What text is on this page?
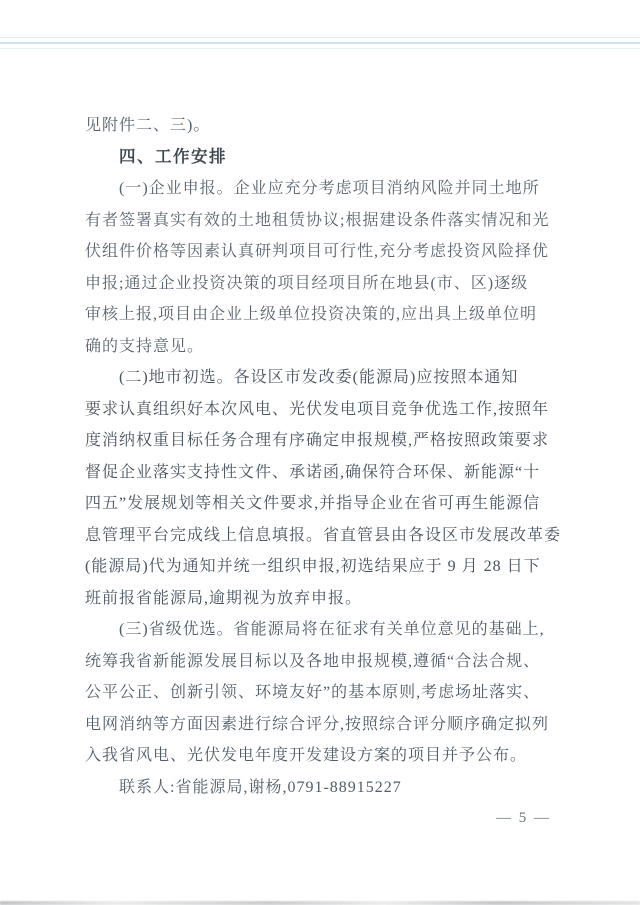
见附件二、三)。
四、工作安排
(一)企业申报。企业应充分考虑项目消纳风险并同土地所
有者签署真实有效的土地租赁协议;根据建设条件落实情况和光
伏组件价格等因素认真研判项目可行性,充分考虑投资风险择优
申报;通过企业投资决策的项目经项目所在地县(市、区)逐级
审核上报,项目由企业上级单位投资决策的,应出具上级单位明
确的支持意见。
(二)地市初选。各设区市发改委(能源局)应按照本通知
要求认真组织好本次风电、光伏发电项目竞争优选工作,按照年
度消纳权重目标任务合理有序确定申报规模,严格按照政策要求
督促企业落实支持性文件、承诺函,确保符合环保、新能源“十
四五”发展规划等相关文件要求,并指导企业在省可再生能源信
息管理平台完成线上信息填报。省直管县由各设区市发展改革委
(能源局)代为通知并统一组织申报,初选结果应于 9 月 28 日下
班前报省能源局,逾期视为放弃申报。
(三)省级优选。省能源局将在征求有关单位意见的基础上,
统筹我省新能源发展目标以及各地申报规模,遵循“合法合规、
公平公正、创新引领、环境友好”的基本原则,考虑场址落实、
电网消纳等方面因素进行综合评分,按照综合评分顺序确定拟列
入我省风电、光伏发电年度开发建设方案的项目并予公布。
联系人:省能源局,谢杨,0791-88915227
— 5 —
